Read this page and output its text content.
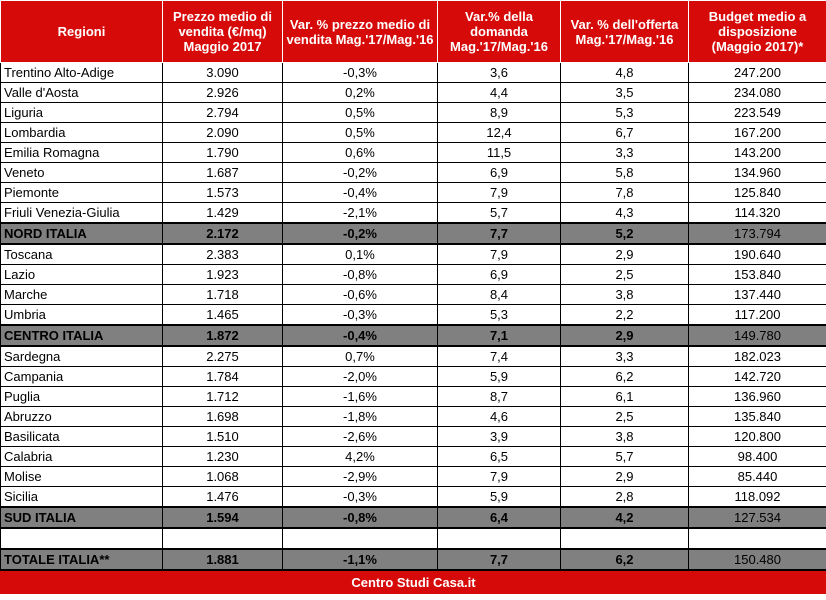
Regioni	Prezzo medio di vendita (€/mq) Maggio 2017	Var. % prezzo medio di vendita Mag.'17/Mag.'16	Var.% della domanda Mag.'17/Mag.'16	Var. % dell'offerta Mag.'17/Mag.'16	Budget medio a disposizione (Maggio 2017)*
Trentino Alto-Adige	3.090	-0,3%	3,6	4,8	247.200
Valle d'Aosta	2.926	0,2%	4,4	3,5	234.080
Liguria	2.794	0,5%	8,9	5,3	223.549
Lombardia	2.090	0,5%	12,4	6,7	167.200
Emilia Romagna	1.790	0,6%	11,5	3,3	143.200
Veneto	1.687	-0,2%	6,9	5,8	134.960
Piemonte	1.573	-0,4%	7,9	7,8	125.840
Friuli Venezia-Giulia	1.429	-2,1%	5,7	4,3	114.320
NORD ITALIA	2.172	-0,2%	7,7	5,2	173.794
Toscana	2.383	0,1%	7,9	2,9	190.640
Lazio	1.923	-0,8%	6,9	2,5	153.840
Marche	1.718	-0,6%	8,4	3,8	137.440
Umbria	1.465	-0,3%	5,3	2,2	117.200
CENTRO ITALIA	1.872	-0,4%	7,1	2,9	149.780
Sardegna	2.275	0,7%	7,4	3,3	182.023
Campania	1.784	-2,0%	5,9	6,2	142.720
Puglia	1.712	-1,6%	8,7	6,1	136.960
Abruzzo	1.698	-1,8%	4,6	2,5	135.840
Basilicata	1.510	-2,6%	3,9	3,8	120.800
Calabria	1.230	4,2%	6,5	5,7	98.400
Molise	1.068	-2,9%	7,9	2,9	85.440
Sicilia	1.476	-0,3%	5,9	2,8	118.092
SUD ITALIA	1.594	-0,8%	6,4	4,2	127.534

TOTALE ITALIA**	1.881	-1,1%	7,7	6,2	150.480
Centro Studi Casa.it					
